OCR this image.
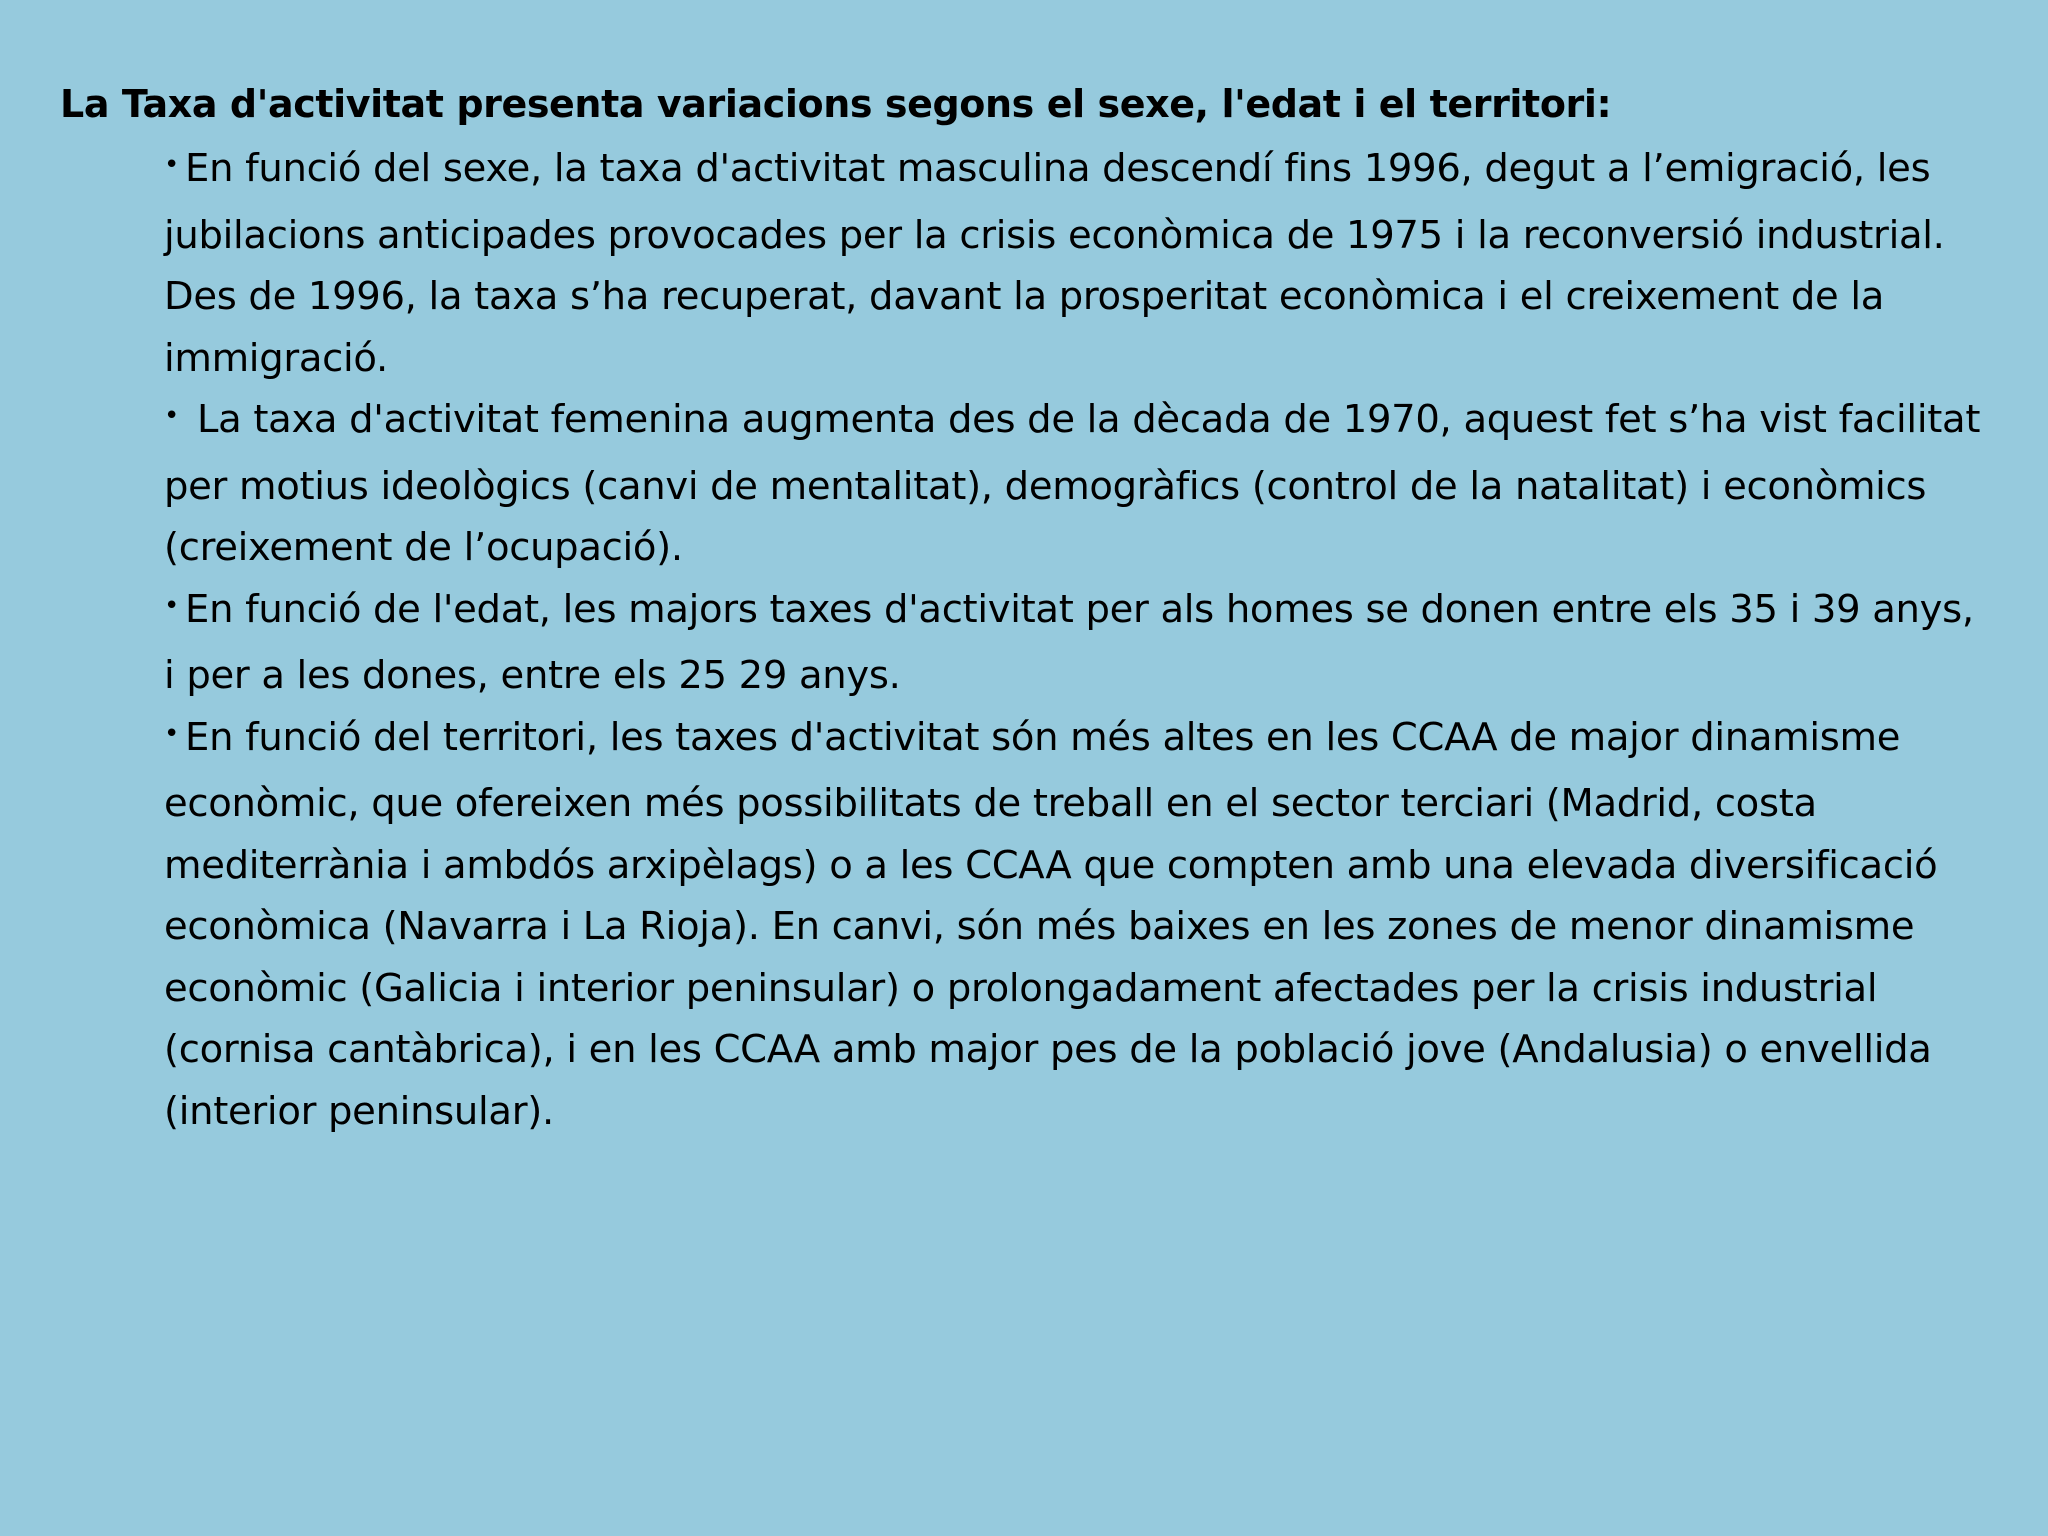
La Taxa d'activitat presenta variacions segons el sexe, l'edat i el territori:
• En funció del sexe, la taxa d'activitat masculina descendí fins 1996, degut a l’emigració, les jubilacions anticipades provocades per la crisis econòmica de 1975 i la reconversió industrial. Des de 1996, la taxa s’ha recuperat, davant la prosperitat econòmica i el creixement de la immigració.
• La taxa d'activitat femenina augmenta des de la dècada de 1970, aquest fet s’ha vist facilitat per motius ideològics (canvi de mentalitat), demogràfics (control de la natalitat) i econòmics (creixement de l’ocupació).
• En funció de l'edat, les majors taxes d'activitat per als homes se donen entre els 35 i 39 anys, i per a les dones, entre els 25 29 anys.
• En funció del territori, les taxes d'activitat són més altes en les CCAA de major dinamisme econòmic, que ofereixen més possibilitats de treball en el sector terciari (Madrid, costa mediterrània i ambdós arxipèlags) o a les CCAA que compten amb una elevada diversificació econòmica (Navarra i La Rioja). En canvi, són més baixes en les zones de menor dinamisme econòmic (Galicia i interior peninsular) o prolongadament afectades per la crisis industrial (cornisa cantàbrica), i en les CCAA amb major pes de la població jove (Andalusia) o envellida (interior peninsular).
